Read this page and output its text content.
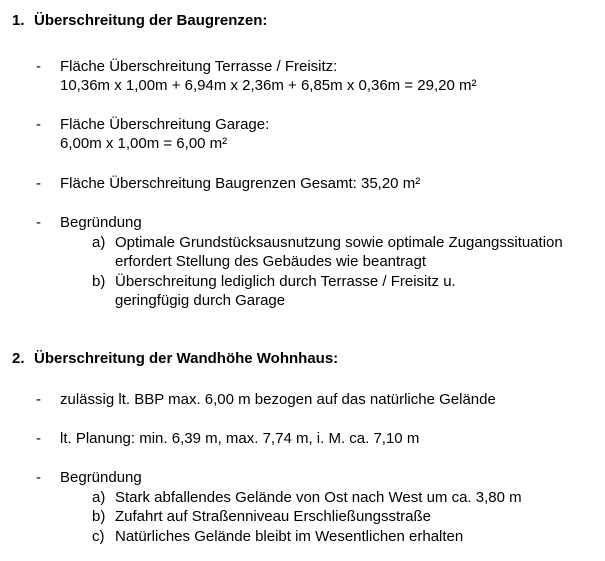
1. Überschreitung der Baugrenzen:
- Fläche Überschreitung Terrasse / Freisitz:
10,36m x 1,00m + 6,94m x 2,36m + 6,85m x 0,36m = 29,20 m²
- Fläche Überschreitung Garage:
6,00m x 1,00m = 6,00 m²
- Fläche Überschreitung Baugrenzen Gesamt: 35,20 m²
- Begründung
a) Optimale Grundstücksausnutzung sowie optimale Zugangssituation
erfordert Stellung des Gebäudes wie beantragt
b) Überschreitung lediglich durch Terrasse / Freisitz u.
geringfügig durch Garage
2. Überschreitung der Wandhöhe Wohnhaus:
- zulässig lt. BBP max. 6,00 m bezogen auf das natürliche Gelände
- lt. Planung: min. 6,39 m, max. 7,74 m, i. M. ca. 7,10 m
- Begründung
a) Stark abfallendes Gelände von Ost nach West um ca. 3,80 m
b) Zufahrt auf Straßenniveau Erschließungsstraße
c) Natürliches Gelände bleibt im Wesentlichen erhalten
